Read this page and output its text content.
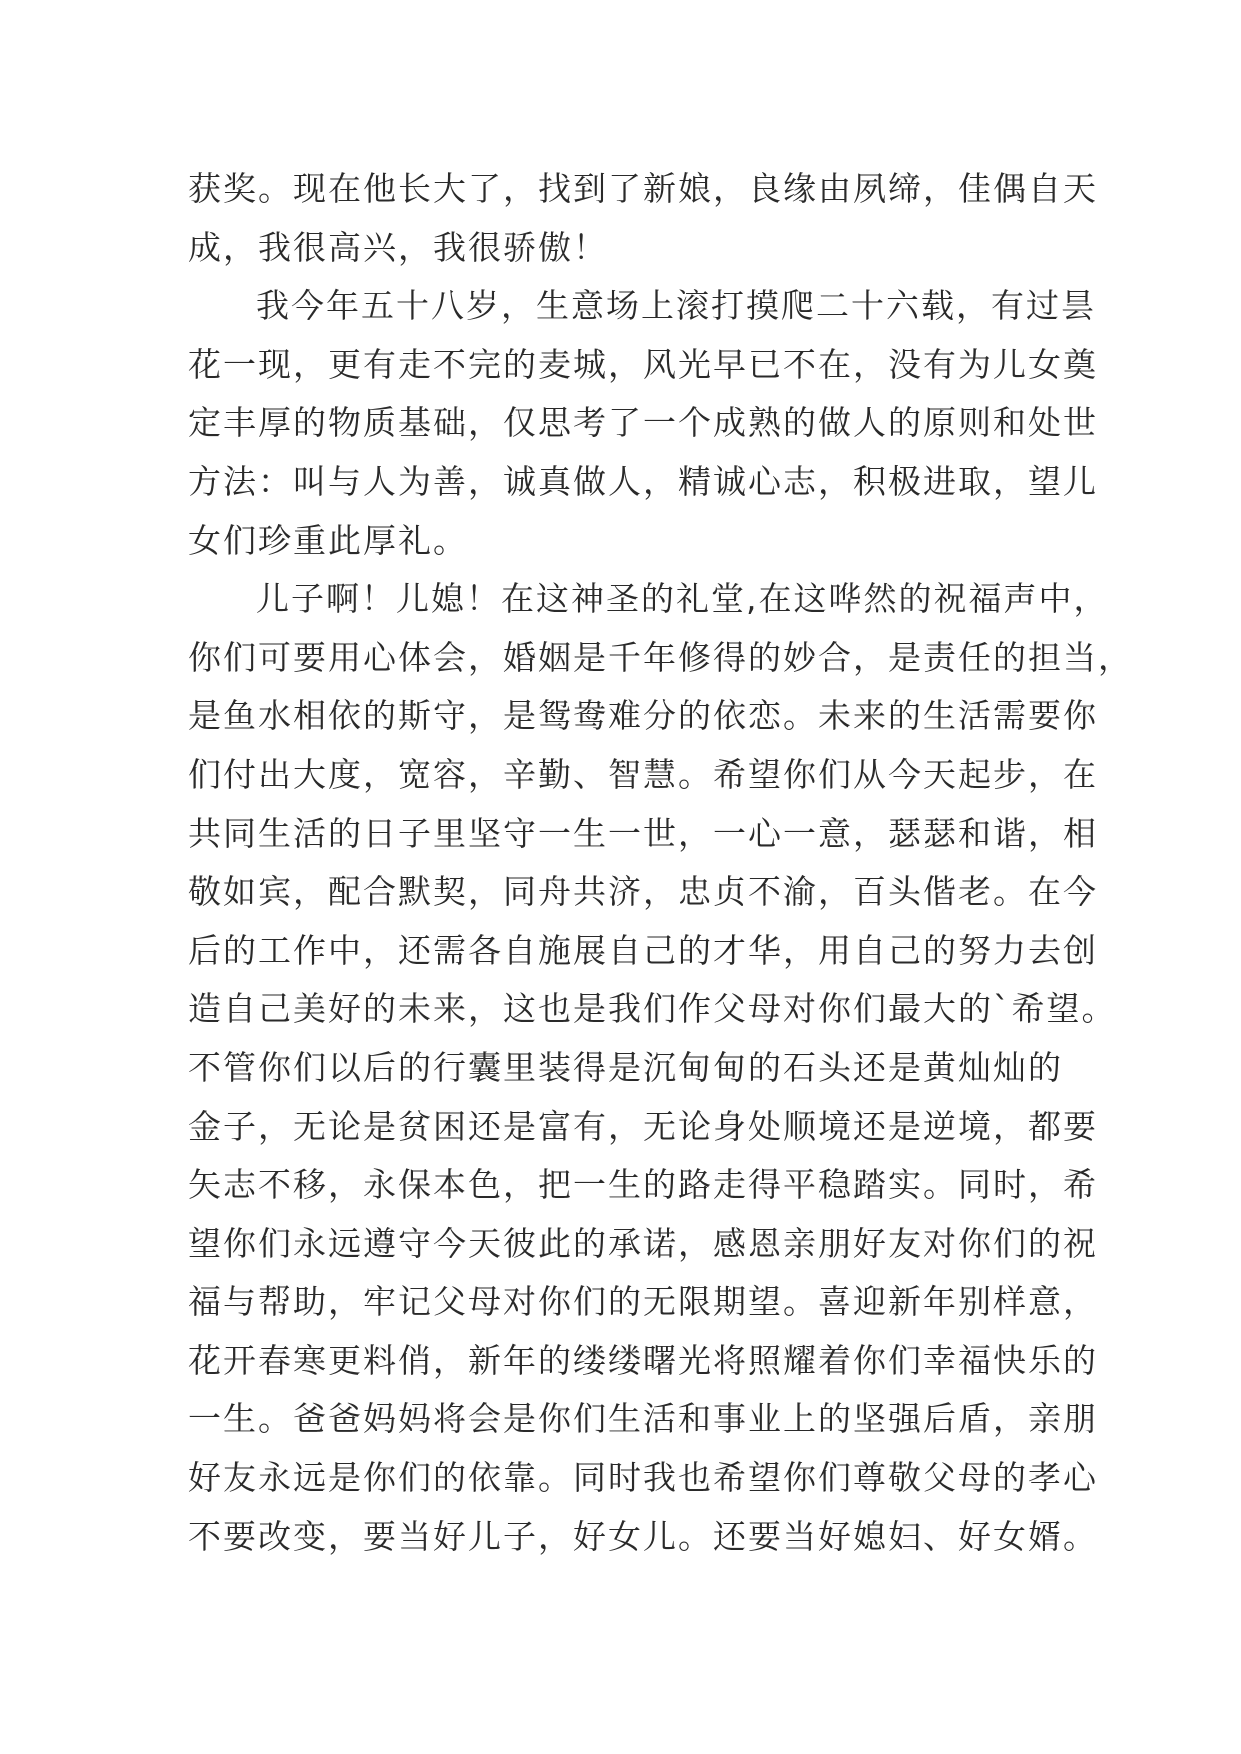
获奖。现在他长大了，找到了新娘，良缘由夙缔，佳偶自天
成，我很高兴，我很骄傲！
我今年五十八岁，生意场上滚打摸爬二十六载，有过昙
花一现，更有走不完的麦城，风光早已不在，没有为儿女奠
定丰厚的物质基础，仅思考了一个成熟的做人的原则和处世
方法：叫与人为善，诚真做人，精诚心志，积极进取，望儿
女们珍重此厚礼。
儿子啊！儿媳！在这神圣的礼堂,在这哗然的祝福声中，
你们可要用心体会，婚姻是千年修得的妙合，是责任的担当，
是鱼水相依的斯守，是鸳鸯难分的依恋。未来的生活需要你
们付出大度，宽容，辛勤、智慧。希望你们从今天起步，在
共同生活的日子里坚守一生一世，一心一意，瑟瑟和谐，相
敬如宾，配合默契，同舟共济，忠贞不渝，百头偕老。在今
后的工作中，还需各自施展自己的才华，用自己的努力去创
造自己美好的未来，这也是我们作父母对你们最大的`希望。
不管你们以后的行囊里装得是沉甸甸的石头还是黄灿灿的
金子，无论是贫困还是富有，无论身处顺境还是逆境，都要
矢志不移，永保本色，把一生的路走得平稳踏实。同时，希
望你们永远遵守今天彼此的承诺，感恩亲朋好友对你们的祝
福与帮助，牢记父母对你们的无限期望。喜迎新年别样意，
花开春寒更料俏，新年的缕缕曙光将照耀着你们幸福快乐的
一生。爸爸妈妈将会是你们生活和事业上的坚强后盾，亲朋
好友永远是你们的依靠。同时我也希望你们尊敬父母的孝心
不要改变，要当好儿子，好女儿。还要当好媳妇、好女婿。
